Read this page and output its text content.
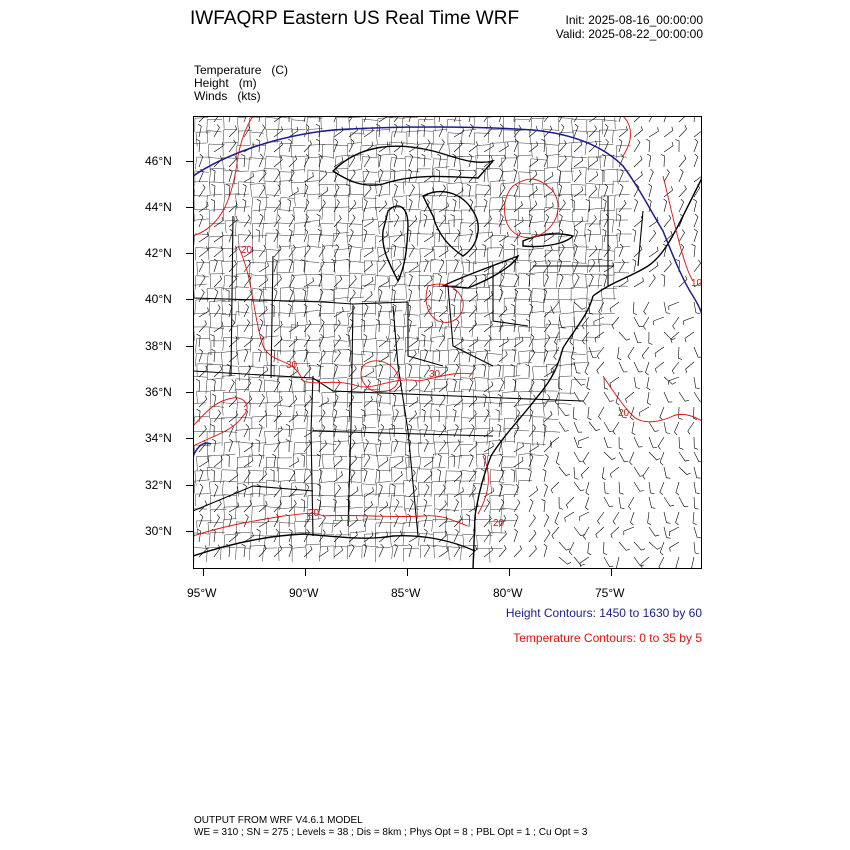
IWFAQRP Eastern US Real Time WRF	Init: 2025-08-16_00:00:00
Valid: 2025-08-22_00:00:00
Temperature   (C)
Height   (m)
Winds   (kts)
20
20
30
30
20
20
10
46°N
44°N
42°N
40°N
38°N
36°N
34°N
32°N
30°N
95°W	90°W	85°W	80°W	75°W
Height Contours: 1450 to 1630 by 60
Temperature Contours: 0 to 35 by 5
OUTPUT FROM WRF V4.6.1 MODEL
WE = 310 ; SN = 275 ; Levels = 38 ; Dis = 8km ; Phys Opt = 8 ; PBL Opt = 1 ; Cu Opt = 3
